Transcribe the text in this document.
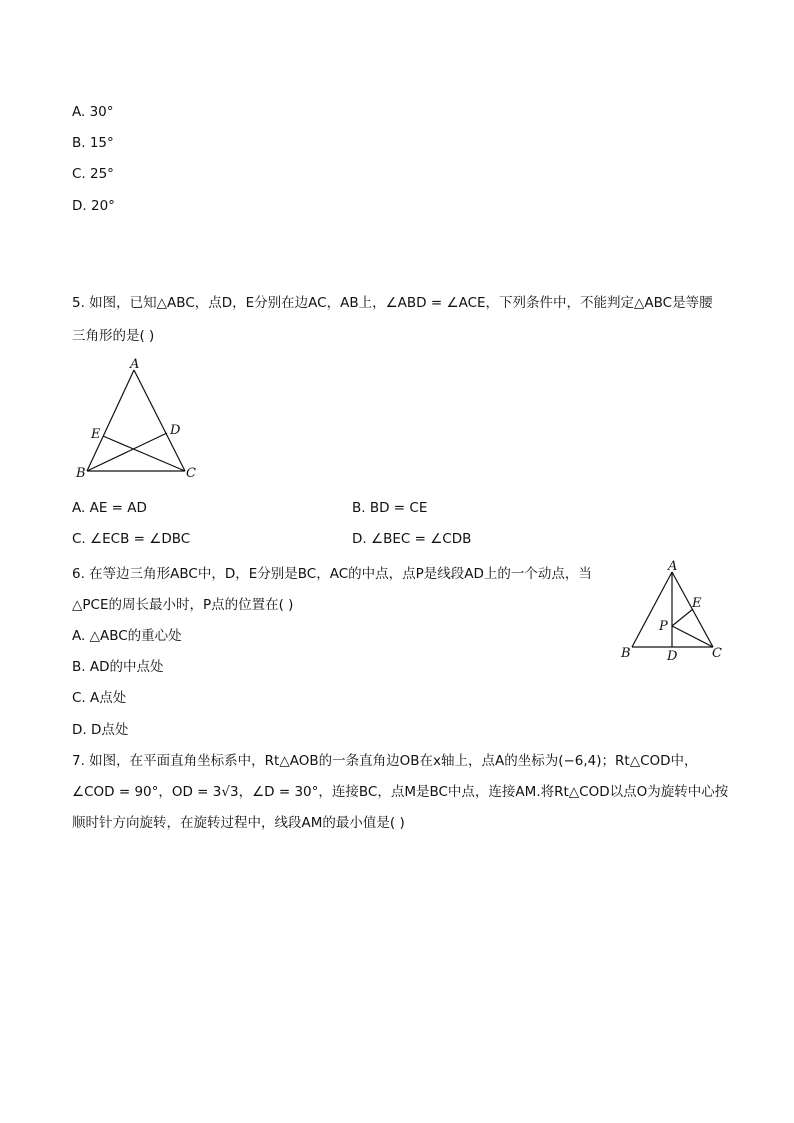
A. 30°
B. 15°
C. 25°
D. 20°
5. 如图，已知△ABC，点D，E分别在边AC，AB上，∠ABD = ∠ACE，下列条件中，不能判定△ABC是等腰
三角形的是( )
A
E	D
B	C
A. AE = AD	B. BD = CE
C. ∠ECB = ∠DBC	D. ∠BEC = ∠CDB
6. 在等边三角形ABC中，D，E分别是BC，AC的中点，点P是线段AD上的一个动点，当
△PCE的周长最小时，P点的位置在( )
A. △ABC的重心处
B. AD的中点处
C. A点处
D. D点处
A
E
P
B	D	C
7. 如图，在平面直角坐标系中，Rt△AOB的一条直角边OB在x轴上，点A的坐标为(−6,4)；Rt△COD中，
∠COD = 90°，OD = 3√3，∠D = 30°，连接BC，点M是BC中点，连接AM.将Rt△COD以点O为旋转中心按
顺时针方向旋转，在旋转过程中，线段AM的最小值是( )
